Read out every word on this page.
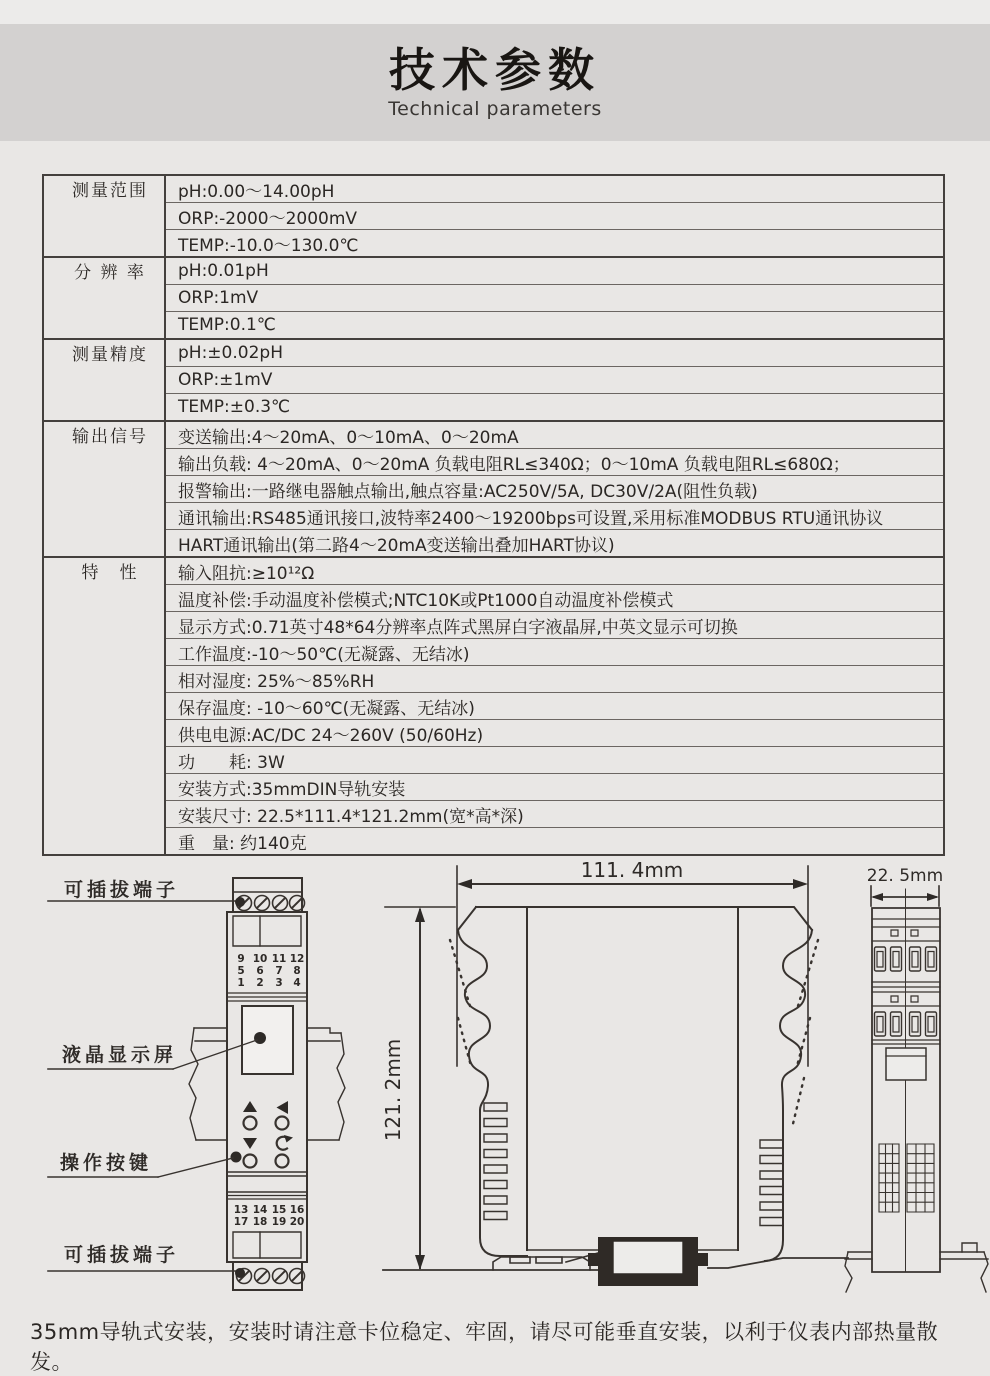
技术参数
Technical parameters
测量范围	pH:0.00～14.00pH
	ORP:-2000～2000mV
	TEMP:-10.0～130.0℃
分 辨 率	pH:0.01pH
	ORP:1mV
	TEMP:0.1℃
测量精度	pH:±0.02pH
	ORP:±1mV
	TEMP:±0.3℃
输出信号	变送输出:4～20mA、0～10mA、0～20mA
	输出负载: 4～20mA、0～20mA 负载电阻RL≤340Ω；0～10mA 负载电阻RL≤680Ω；
	报警输出:一路继电器触点输出,触点容量:AC250V/5A, DC30V/2A(阻性负载)
	通讯输出:RS485通讯接口,波特率2400～19200bps可设置,采用标准MODBUS RTU通讯协议
	HART通讯输出(第二路4～20mA变送输出叠加HART协议)
特　性	输入阻抗:≥10¹²Ω
	温度补偿:手动温度补偿模式;NTC10K或Pt1000自动温度补偿模式
	显示方式:0.71英寸48*64分辨率点阵式黑屏白字液晶屏,中英文显示可切换
	工作温度:-10～50℃(无凝露、无结冰)
	相对湿度: 25%～85%RH
	保存温度: -10～60℃(无凝露、无结冰)
	供电电源:AC/DC 24～260V (50/60Hz)
	功　　耗: 3W
	安装方式:35mmDIN导轨安装
	安装尺寸: 22.5*111.4*121.2mm(宽*高*深)
	重　量: 约140克
9 10 11 12
5 6 7 8
1 2 3 4
13 14 15 16
17 18 19 20
可插拔端子
液晶显示屏
操作按键
可插拔端子
111. 4mm
121. 2mm
22. 5mm
35mm导轨式安装，安装时请注意卡位稳定、牢固，请尽可能垂直安装，以利于仪表内部热量散发。
